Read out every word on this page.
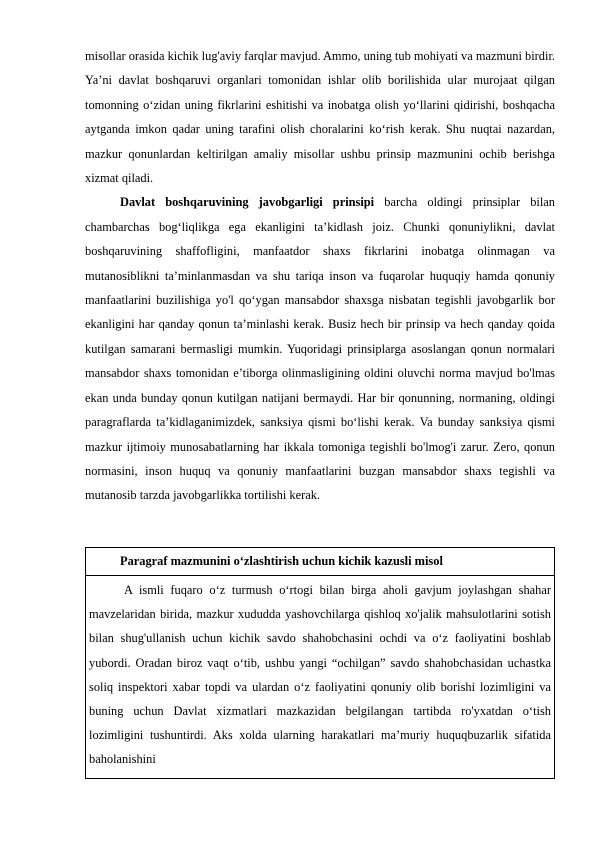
misollar orasida kichik lug'aviy farqlar mavjud. Ammo, uning tub mohiyati va mazmuni birdir. Ya’ni davlat boshqaruvi organlari tomonidan ishlar olib borilishida ular murojaat qilgan tomonning o‘zidan uning fikrlarini eshitishi va inobatga olish yo‘llarini qidirishi, boshqacha aytganda imkon qadar uning tarafini olish choralarini ko‘rish kerak. Shu nuqtai nazardan, mazkur qonunlardan keltirilgan amaliy misollar ushbu prinsip mazmunini ochib berishga xizmat qiladi.

Davlat boshqaruvining javobgarligi prinsipi barcha oldingi prinsiplar bilan chambarchas bog‘liqlikga ega ekanligini ta’kidlash joiz. Chunki qonuniylikni, davlat boshqaruvining shaffofligini, manfaatdor shaxs fikrlarini inobatga olinmagan va mutanosiblikni ta’minlanmasdan va shu tariqa inson va fuqarolar huquqiy hamda qonuniy manfaatlarini buzilishiga yo'l qo‘ygan mansabdor shaxsga nisbatan tegishli javobgarlik bor ekanligini har qanday qonun ta’minlashi kerak. Busiz hech bir prinsip va hech qanday qoida kutilgan samarani bermasligi mumkin. Yuqoridagi prinsiplarga asoslangan qonun normalari mansabdor shaxs tomonidan e’tiborga olinmasligining oldini oluvchi norma mavjud bo'lmas ekan unda bunday qonun kutilgan natijani bermaydi. Har bir qonunning, normaning, oldingi paragraflarda ta’kidlaganimizdek, sanksiya qismi bo‘lishi kerak. Va bunday sanksiya qismi mazkur ijtimoiy munosabatlarning har ikkala tomoniga tegishli bo'lmog'i zarur. Zero, qonun normasini, inson huquq va qonuniy manfaatlarini buzgan mansabdor shaxs tegishli va mutanosib tarzda javobgarlikka tortilishi kerak.

Paragraf mazmunini o‘zlashtirish uchun kichik kazusli misol

A ismli fuqaro o‘z turmush o‘rtogi bilan birga aholi gavjum joylashgan shahar mavzelaridan birida, mazkur xududda yashovchilarga qishloq xo'jalik mahsulotlarini sotish bilan shug'ullanish uchun kichik savdo shahobchasini ochdi va o‘z faoliyatini boshlab yubordi. Oradan biroz vaqt o‘tib, ushbu yangi “ochilgan” savdo shahobchasidan uchastka soliq inspektori xabar topdi va ulardan o‘z faoliyatini qonuniy olib borishi lozimligini va buning uchun Davlat xizmatlari mazkazidan belgilangan tartibda ro'yxatdan o‘tish lozimligini tushuntirdi. Aks xolda ularning harakatlari ma’muriy huquqbuzarlik sifatida baholanishini
